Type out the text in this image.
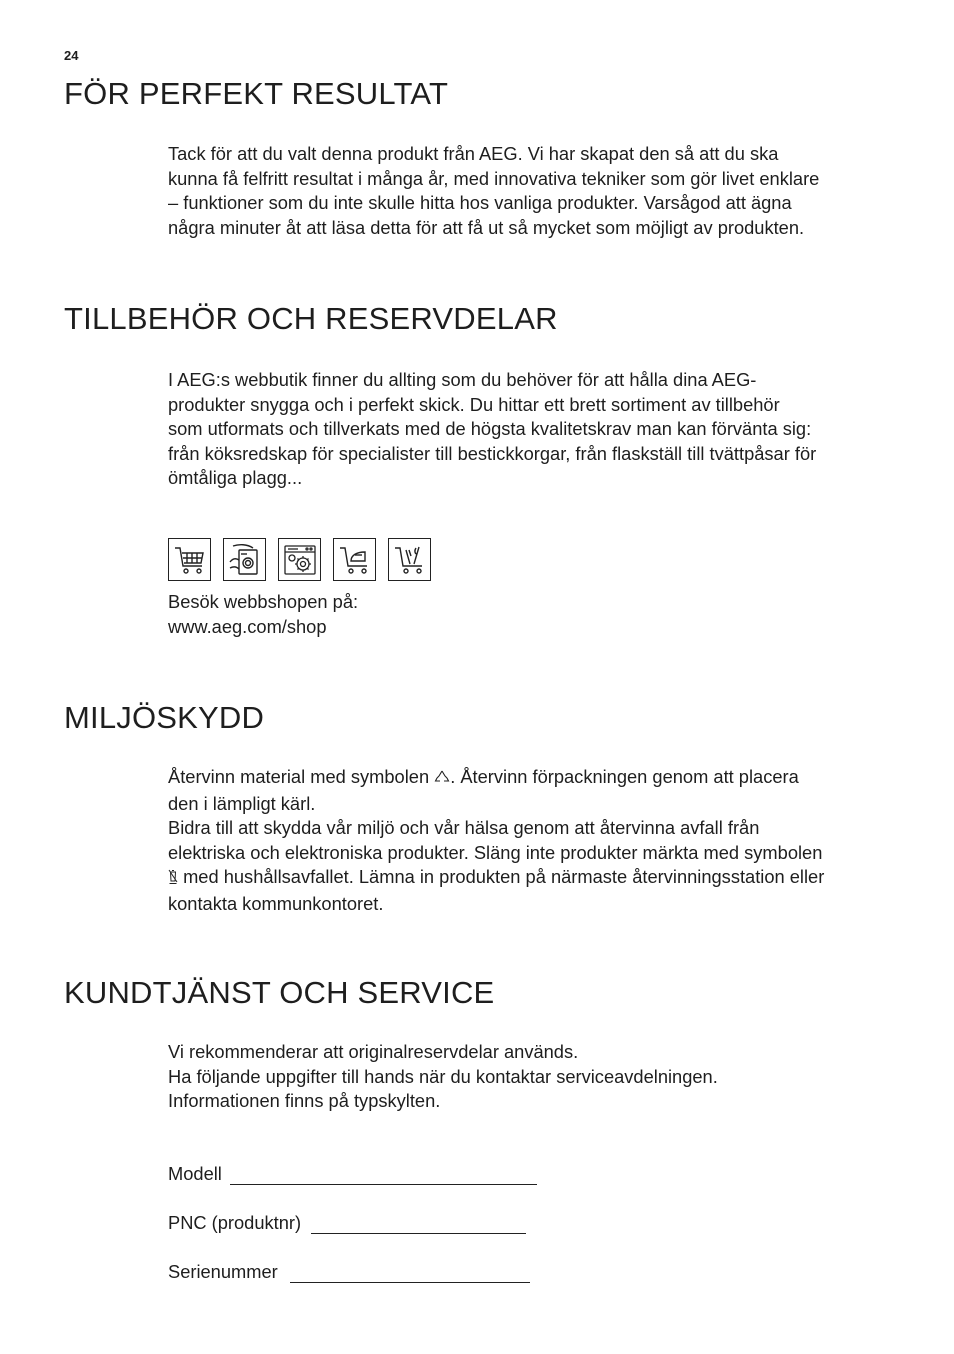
24
FÖR PERFEKT RESULTAT

Tack för att du valt denna produkt från AEG. Vi har skapat den så att du ska

kunna få felfritt resultat i många år, med innovativa tekniker som gör livet enklare

– funktioner som du inte skulle hitta hos vanliga produkter. Varsågod att ägna

några minuter åt att läsa detta för att få ut så mycket som möjligt av produkten.

TILLBEHÖR OCH RESERVDELAR

I AEG:s webbutik finner du allting som du behöver för att hålla dina AEG-

produkter snygga och i perfekt skick. Du hittar ett brett sortiment av tillbehör

som utformats och tillverkats med de högsta kvalitetskrav man kan förvänta sig:

från köksredskap för specialister till bestickkorgar, från flaskställ till tvättpåsar för

ömtåliga plagg...

Besök webbshopen på:

www.aeg.com/shop

MILJÖSKYDD

Återvinn material med symbolen . Återvinn förpackningen genom att placera

den i lämpligt kärl.

Bidra till att skydda vår miljö och vår hälsa genom att återvinna avfall från

elektriska och elektroniska produkter. Släng inte produkter märkta med symbolen

med hushållsavfallet. Lämna in produkten på närmaste återvinningsstation eller

kontakta kommunkontoret.

KUNDTJÄNST OCH SERVICE

Vi rekommenderar att originalreservdelar används.

Ha följande uppgifter till hands när du kontaktar serviceavdelningen.

Informationen finns på typskylten.

Modell
PNC (produktnr)
Serienummer
